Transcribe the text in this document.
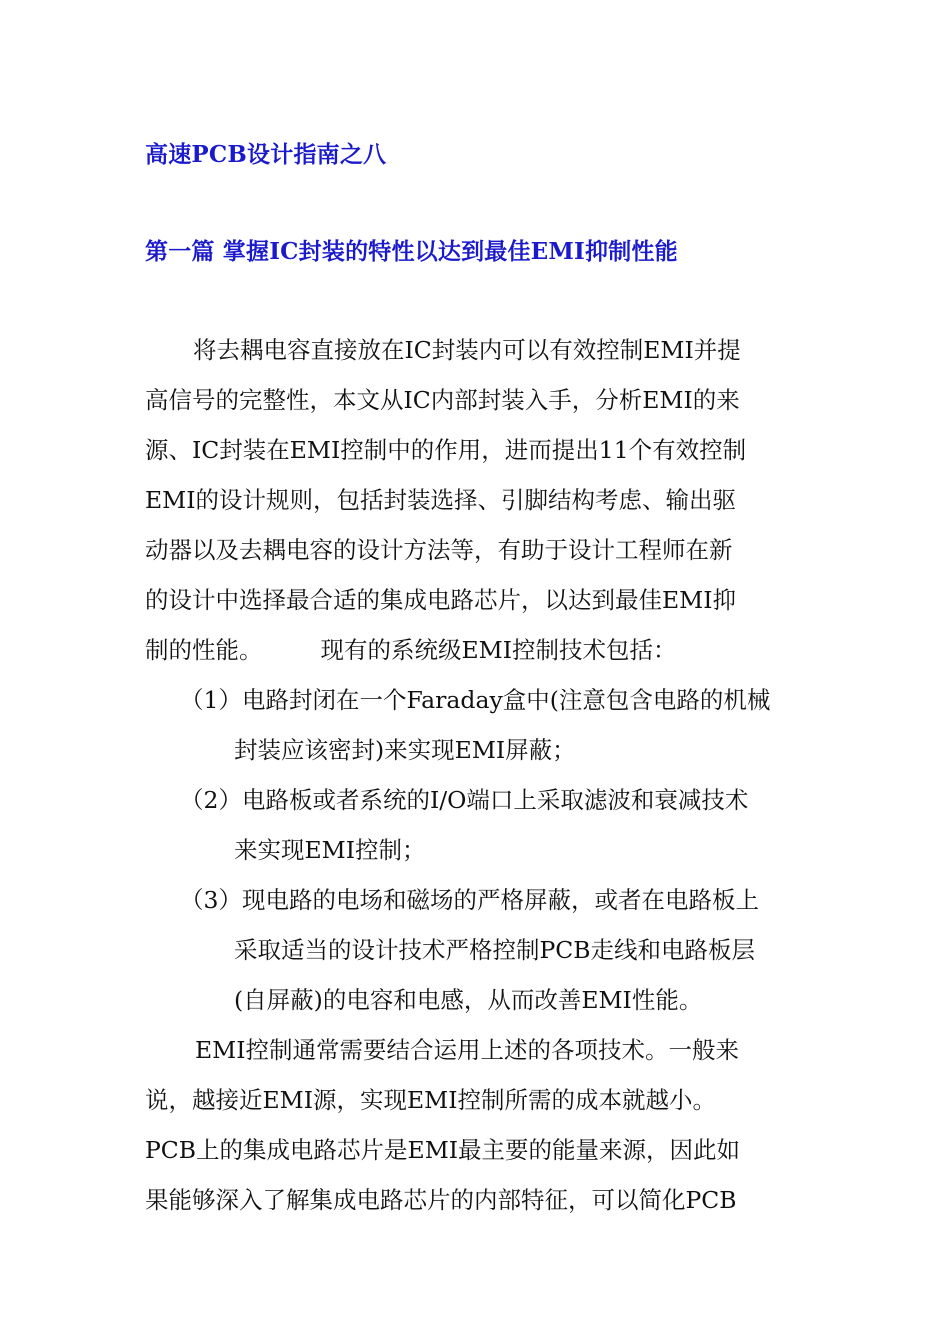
高速PCB设计指南之八
第一篇 掌握IC封装的特性以达到最佳EMI抑制性能

将去耦电容直接放在IC封装内可以有效控制EMI并提

高信号的完整性，本文从IC内部封装入手，分析EMI的来

源、IC封装在EMI控制中的作用，进而提出11个有效控制

EMI的设计规则，包括封装选择、引脚结构考虑、输出驱

动器以及去耦电容的设计方法等，有助于设计工程师在新

的设计中选择最合适的集成电路芯片，以达到最佳EMI抑

制的性能。 现有的系统级EMI控制技术包括：

（1）电路封闭在一个Faraday盒中(注意包含电路的机械

封装应该密封)来实现EMI屏蔽；

（2）电路板或者系统的I/O端口上采取滤波和衰减技术

来实现EMI控制；

（3）现电路的电场和磁场的严格屏蔽，或者在电路板上

采取适当的设计技术严格控制PCB走线和电路板层

(自屏蔽)的电容和电感，从而改善EMI性能。

EMI控制通常需要结合运用上述的各项技术。一般来

说，越接近EMI源，实现EMI控制所需的成本就越小。

PCB上的集成电路芯片是EMI最主要的能量来源，因此如

果能够深入了解集成电路芯片的内部特征，可以简化PCB
